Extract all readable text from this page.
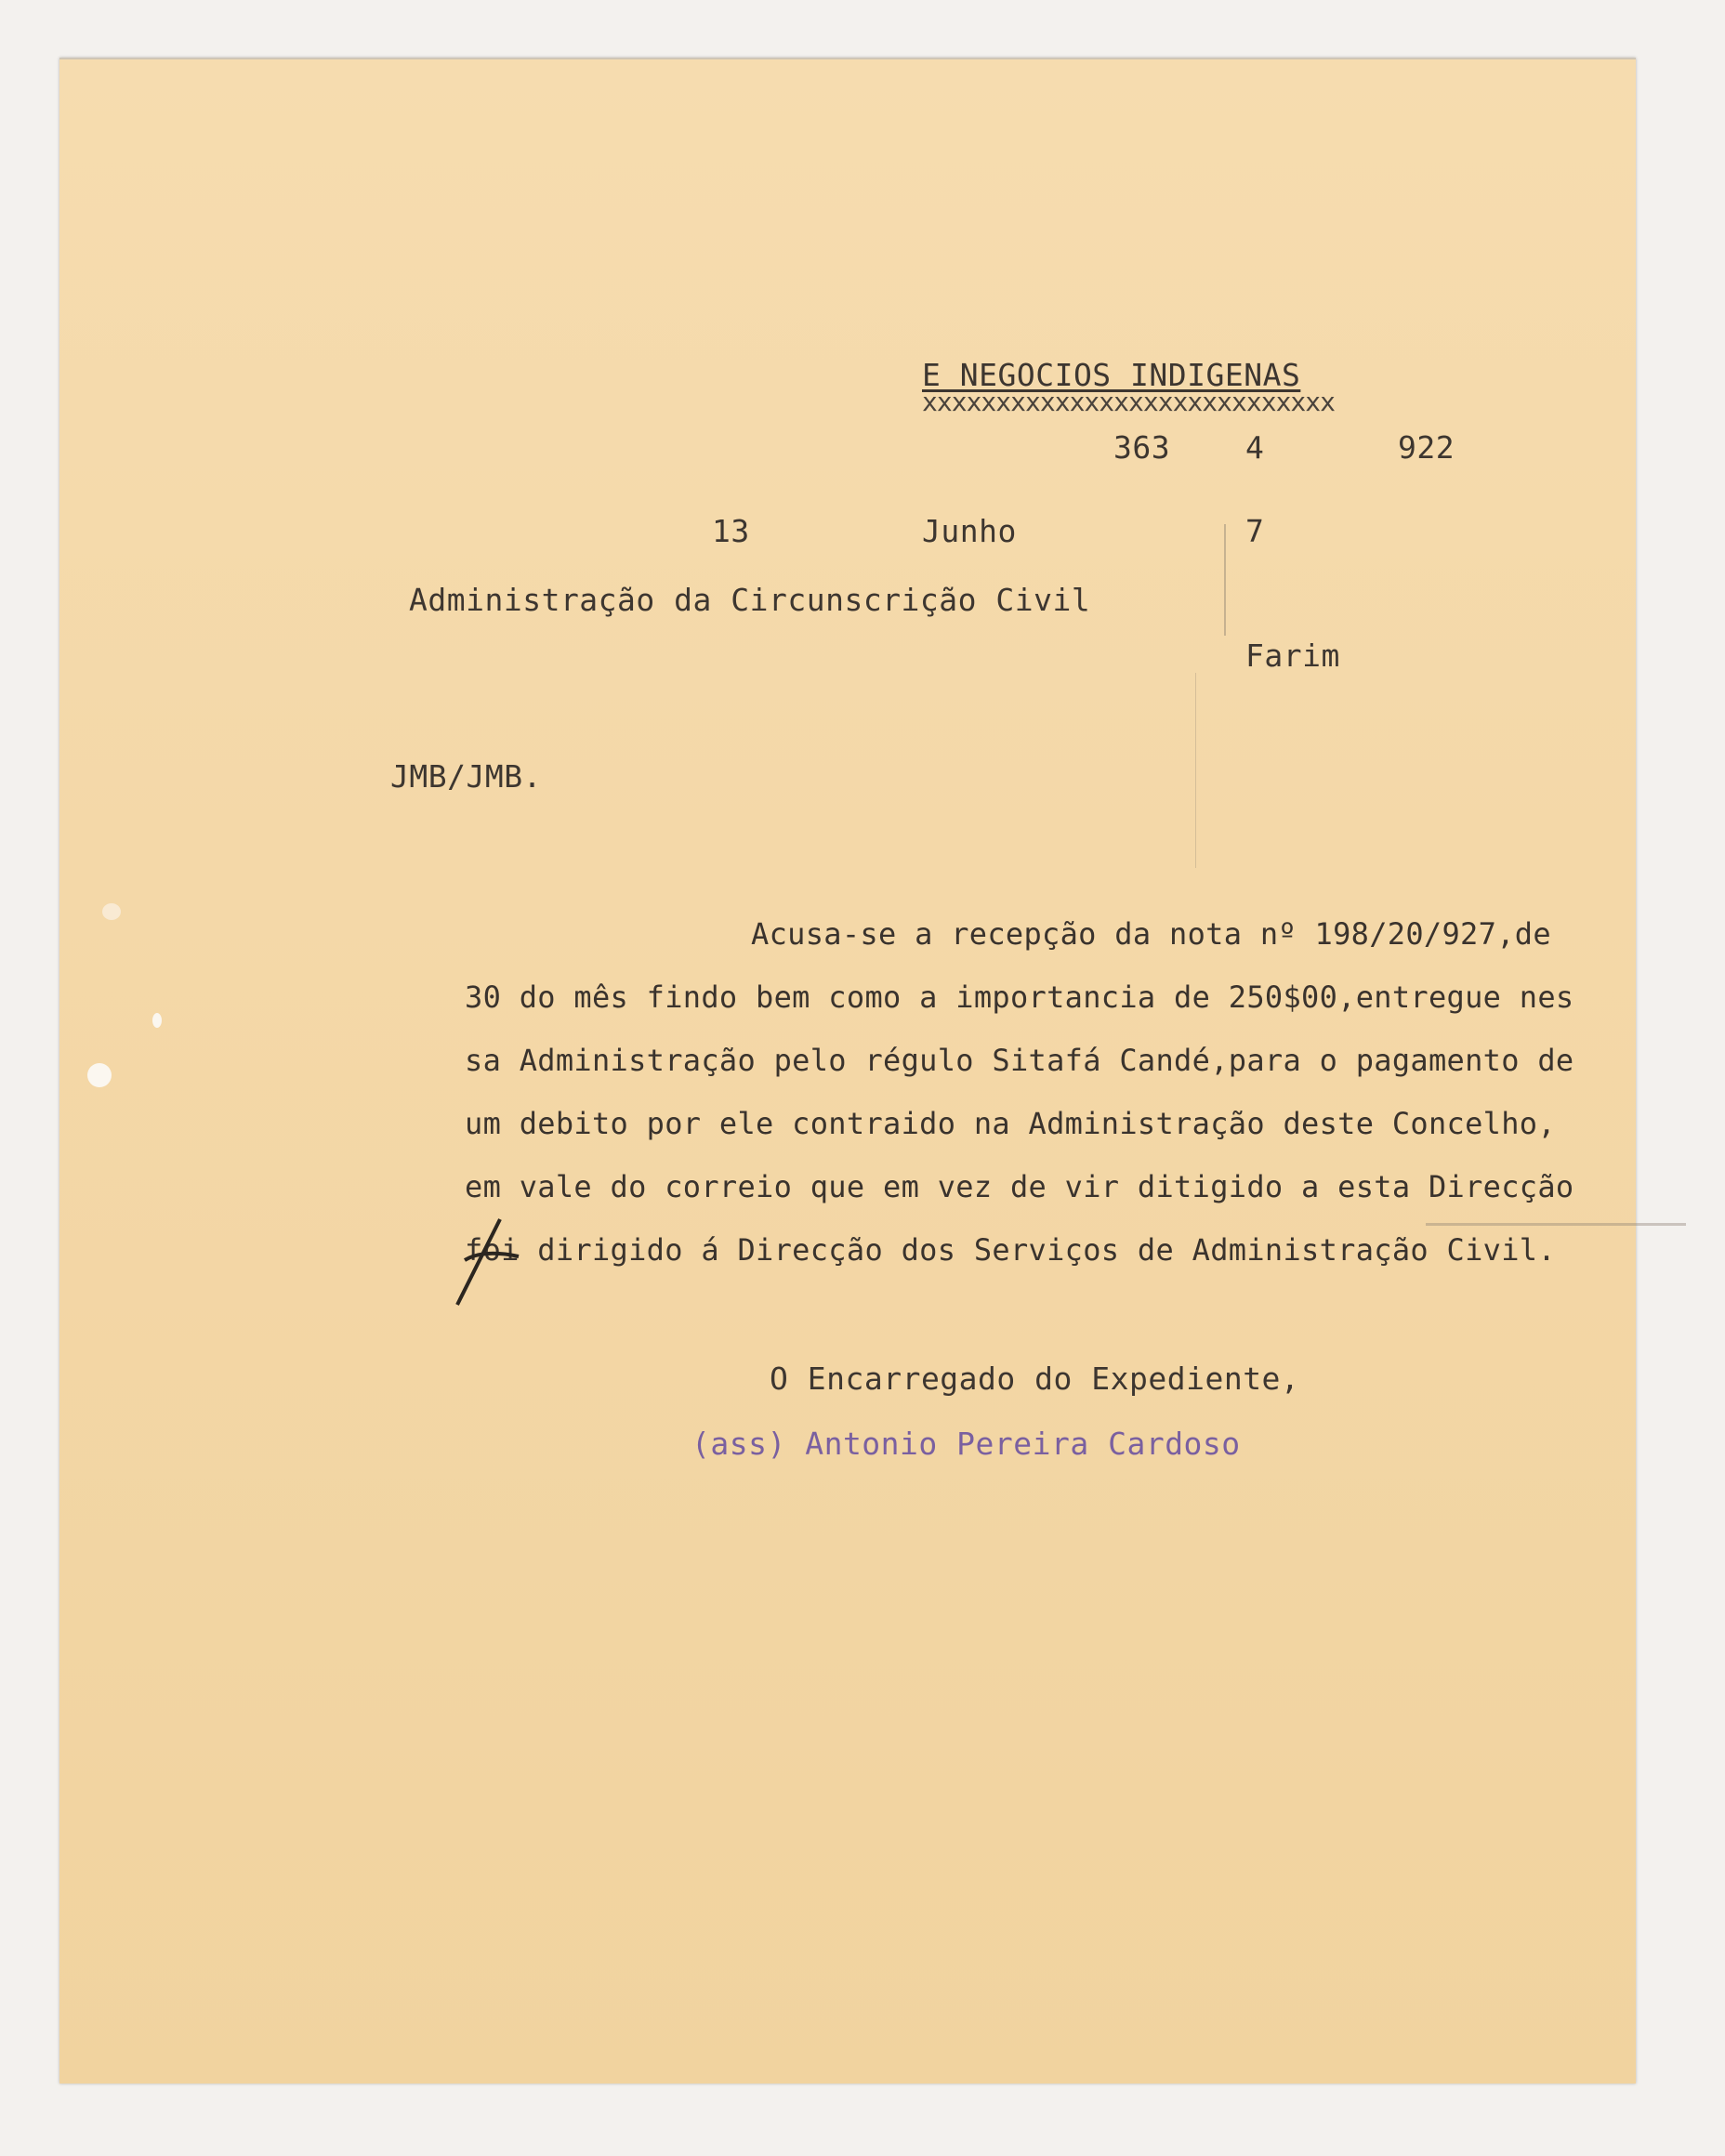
E NEGOCIOS INDIGENAS
xxxxxxxxxxxxxxxxxxxxxxxxxxxx
363 4	922
13	Junho	7
Administração da Circunscrição Civil
Farim
JMB/JMB.
Acusa-se a recepção da nota nº 198/20/927,de
30 do mês findo bem como a importancia de 250$00,entregue nes
sa Administração pelo régulo Sitafá Candé,para o pagamento de
um debito por ele contraido na Administração deste Concelho,
em vale do correio que em vez de vir ditigido a esta Direcção
foi dirigido á Direcção dos Serviços de Administração Civil.
O Encarregado do Expediente,
(ass) Antonio Pereira Cardoso
